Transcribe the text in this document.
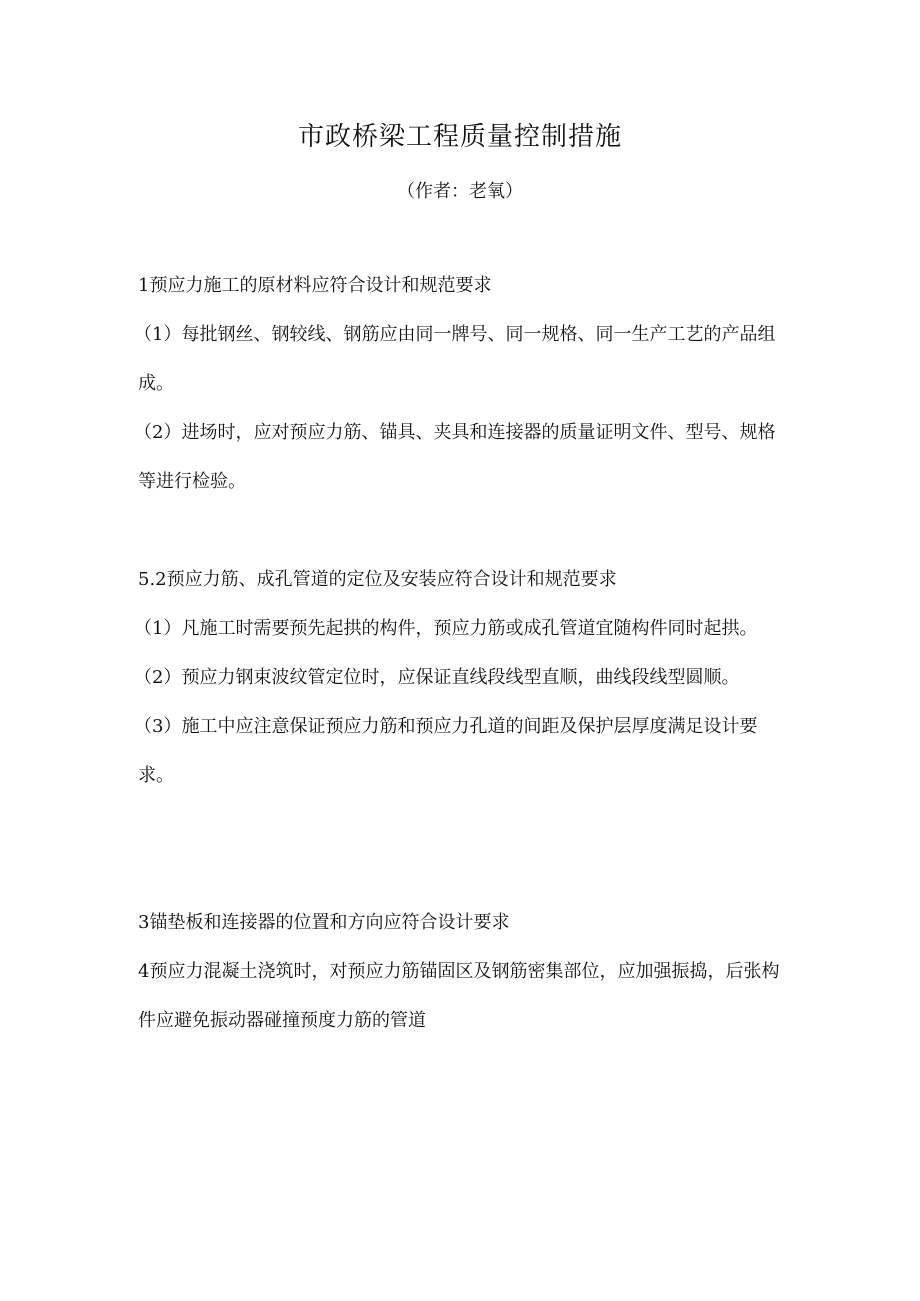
市政桥梁工程质量控制措施
（作者：老氧）

1预应力施工的原材料应符合设计和规范要求

（1）每批钢丝、钢较线、钢筋应由同一牌号、同一规格、同一生产工艺的产品组成。

（2）进场时，应对预应力筋、锚具、夹具和连接器的质量证明文件、型号、规格等进行检验。

5.2预应力筋、成孔管道的定位及安装应符合设计和规范要求

（1）凡施工时需要预先起拱的构件，预应力筋或成孔管道宜随构件同时起拱。

（2）预应力钢束波纹管定位时，应保证直线段线型直顺，曲线段线型圆顺。

（3）施工中应注意保证预应力筋和预应力孔道的间距及保护层厚度满足设计要求。

3锚垫板和连接器的位置和方向应符合设计要求

4预应力混凝土浇筑时，对预应力筋锚固区及钢筋密集部位，应加强振捣，后张构件应避免振动器碰撞预度力筋的管道
